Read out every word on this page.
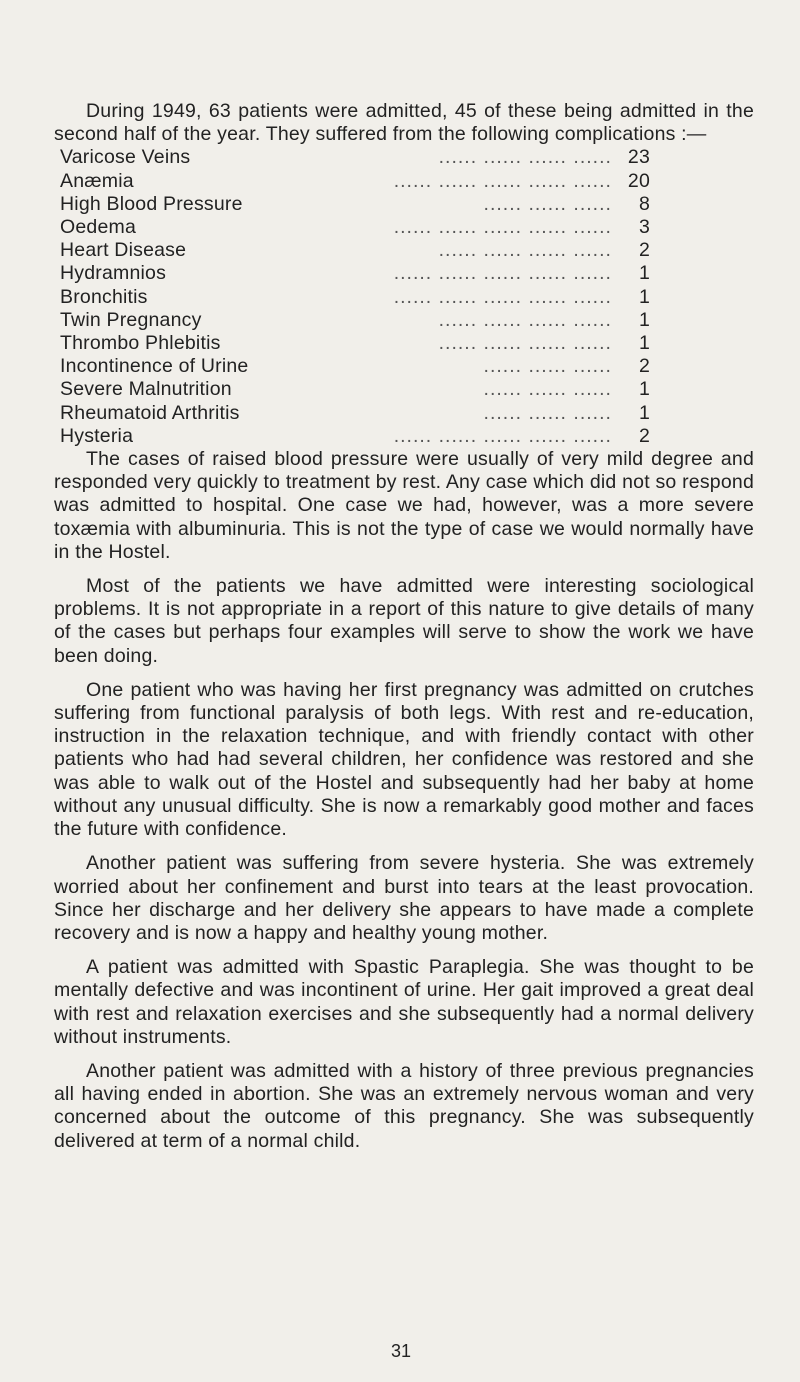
During 1949, 63 patients were admitted, 45 of these being admitted in the second half of the year. They suffered from the following complications :—

Varicose Veins	...... ...... ...... ......	23
Anæmia	...... ...... ...... ...... ......	20
High Blood Pressure	...... ...... ......	8
Oedema	...... ...... ...... ...... ......	3
Heart Disease	...... ...... ...... ......	2
Hydramnios	...... ...... ...... ...... ......	1
Bronchitis	...... ...... ...... ...... ......	1
Twin Pregnancy	...... ...... ...... ......	1
Thrombo Phlebitis	...... ...... ...... ......	1
Incontinence of Urine	...... ...... ......	2
Severe Malnutrition	...... ...... ......	1
Rheumatoid Arthritis	...... ...... ......	1
Hysteria	...... ...... ...... ...... ......	2

The cases of raised blood pressure were usually of very mild degree and responded very quickly to treatment by rest. Any case which did not so respond was admitted to hospital. One case we had, however, was a more severe toxæmia with albuminuria. This is not the type of case we would normally have in the Hostel.

Most of the patients we have admitted were interesting sociological problems. It is not appropriate in a report of this nature to give details of many of the cases but perhaps four examples will serve to show the work we have been doing.

One patient who was having her first pregnancy was admitted on crutches suffering from functional paralysis of both legs. With rest and re-education, instruction in the relaxation technique, and with friendly contact with other patients who had had several children, her confidence was restored and she was able to walk out of the Hostel and subsequently had her baby at home without any unusual difficulty. She is now a remarkably good mother and faces the future with confidence.

Another patient was suffering from severe hysteria. She was extremely worried about her confinement and burst into tears at the least provocation. Since her discharge and her delivery she appears to have made a complete recovery and is now a happy and healthy young mother.

A patient was admitted with Spastic Paraplegia. She was thought to be mentally defective and was incontinent of urine. Her gait improved a great deal with rest and relaxation exercises and she subsequently had a normal delivery without instruments.

Another patient was admitted with a history of three previous pregnancies all having ended in abortion. She was an extremely nervous woman and very concerned about the outcome of this pregnancy. She was subsequently delivered at term of a normal child.

31
